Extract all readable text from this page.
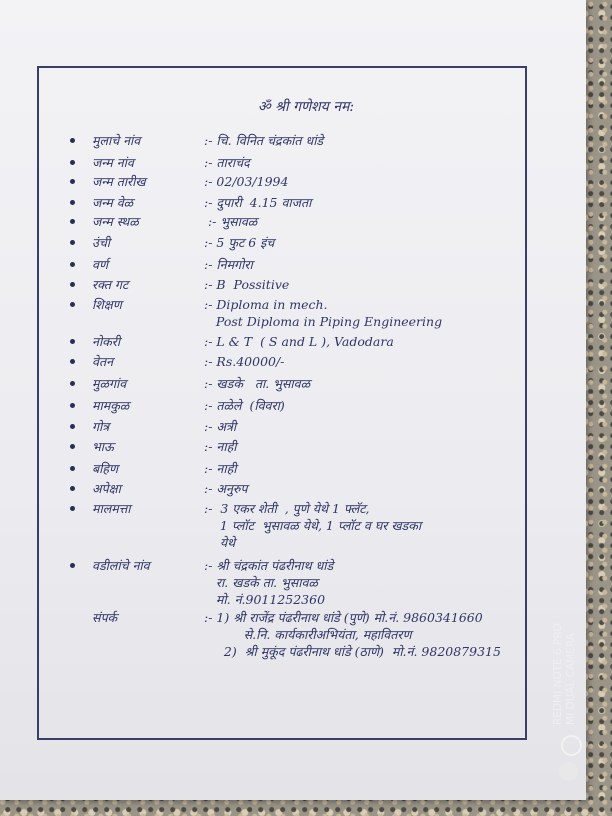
ॐ श्री गणेशय नम:
मुलाचे नांव	:- चि. विनित चंद्रकांत धांडे
जन्म नांव	:- ताराचंद
जन्म तारीख	:- 02/03/1994
जन्म वेळ	:- दुपारी  4.15 वाजता
जन्म स्थळ	:- भुसावळ
उंची	:- 5 फुट 6 इंच
वर्ण	:- निमगोरा
रक्त गट	:- B  Possitive
शिक्षण	:- Diploma in mech.
Post Diploma in Piping Engineering
नोकरी	:- L & T  ( S and L ), Vadodara
वेतन	:- Rs.40000/-
मुळगांव	:- खडके   ता. भुसावळ
मामकुळ	:- तळेले  (विवरा)
गोत्र	:- अत्री
भाऊ	:- नाही
बहिण	:- नाही
अपेक्षा	:- अनुरुप
मालमत्ता	:-  3 एकर शेती  , पुणे येथे 1 फ्लॅट,
1 प्लॉट  भुसावळ येथे, 1 प्लॉट व घर खडका
येथे
वडीलांचे नांव	:- श्री चंद्रकांत पंढरीनाथ धांडे
रा. खडके ता. भुसावळ
मो. नं.9011252360
संपर्क	:- 1) श्री राजेंद्र पंढरीनाथ धांडे (पुणे) मो.नं. 9860341660
से.नि. कार्यकारीअभियंता, महावितरण
2)  श्री मुकूंद पंढरीनाथ धांडे (ठाणे)  मो.नं. 9820879315	REDMI NOTE 6 PRO MI DUAL CAMERA
